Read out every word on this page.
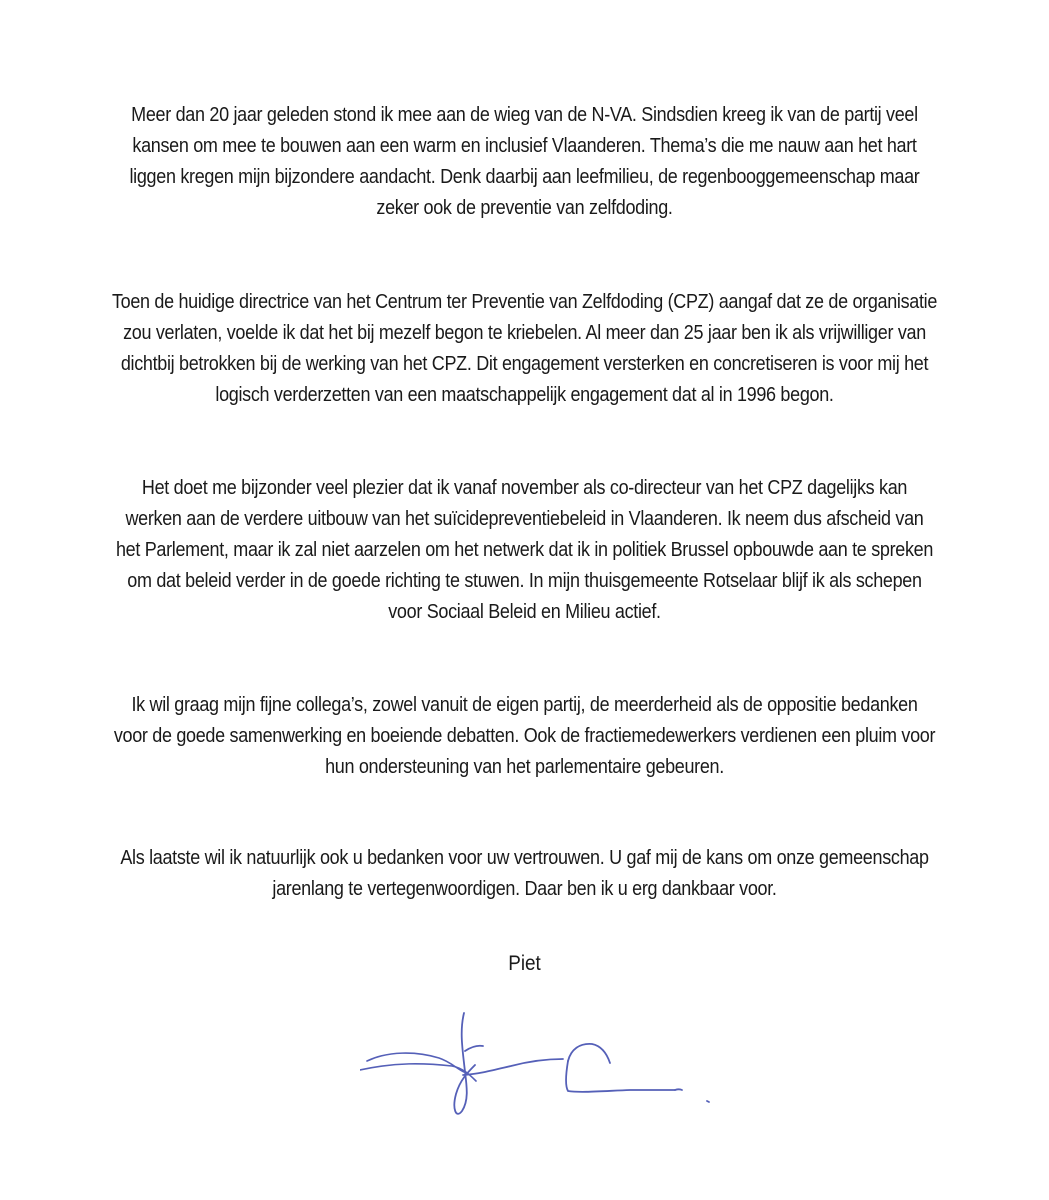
Meer dan 20 jaar geleden stond ik mee aan de wieg van de N-VA. Sindsdien kreeg ik van de partij veel
kansen om mee te bouwen aan een warm en inclusief Vlaanderen. Thema’s die me nauw aan het hart
liggen kregen mijn bijzondere aandacht. Denk daarbij aan leefmilieu, de regenbooggemeenschap maar
zeker ook de preventie van zelfdoding.

Toen de huidige directrice van het Centrum ter Preventie van Zelfdoding (CPZ) aangaf dat ze de organisatie
zou verlaten, voelde ik dat het bij mezelf begon te kriebelen. Al meer dan 25 jaar ben ik als vrijwilliger van
dichtbij betrokken bij de werking van het CPZ. Dit engagement versterken en concretiseren is voor mij het
logisch verderzetten van een maatschappelijk engagement dat al in 1996 begon.

Het doet me bijzonder veel plezier dat ik vanaf november als co-directeur van het CPZ dagelijks kan
werken aan de verdere uitbouw van het suïcidepreventiebeleid in Vlaanderen. Ik neem dus afscheid van
het Parlement, maar ik zal niet aarzelen om het netwerk dat ik in politiek Brussel opbouwde aan te spreken
om dat beleid verder in de goede richting te stuwen. In mijn thuisgemeente Rotselaar blijf ik als schepen
voor Sociaal Beleid en Milieu actief.

Ik wil graag mijn fijne collega’s, zowel vanuit de eigen partij, de meerderheid als de oppositie bedanken
voor de goede samenwerking en boeiende debatten. Ook de fractiemedewerkers verdienen een pluim voor
hun ondersteuning van het parlementaire gebeuren.

Als laatste wil ik natuurlijk ook u bedanken voor uw vertrouwen. U gaf mij de kans om onze gemeenschap
jarenlang te vertegenwoordigen. Daar ben ik u erg dankbaar voor.

Piet
